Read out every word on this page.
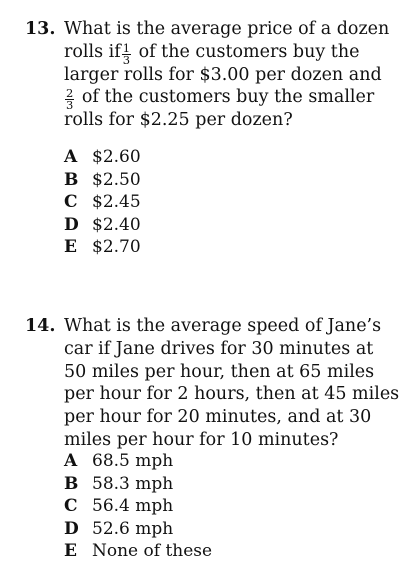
13. What is the average price of a dozen
rolls if $\frac{1}{3}$ of the customers buy the
larger rolls for $3.00 per dozen and
$\frac{2}{3}$ of the customers buy the smaller
rolls for $2.25 per dozen?
A $2.60
B $2.50
C $2.45
D $2.40
E $2.70
14. What is the average speed of Jane’s
car if Jane drives for 30 minutes at
50 miles per hour, then at 65 miles
per hour for 2 hours, then at 45 miles
per hour for 20 minutes, and at 30
miles per hour for 10 minutes?
A 68.5 mph
B 58.3 mph
C 56.4 mph
D 52.6 mph
E None of these
